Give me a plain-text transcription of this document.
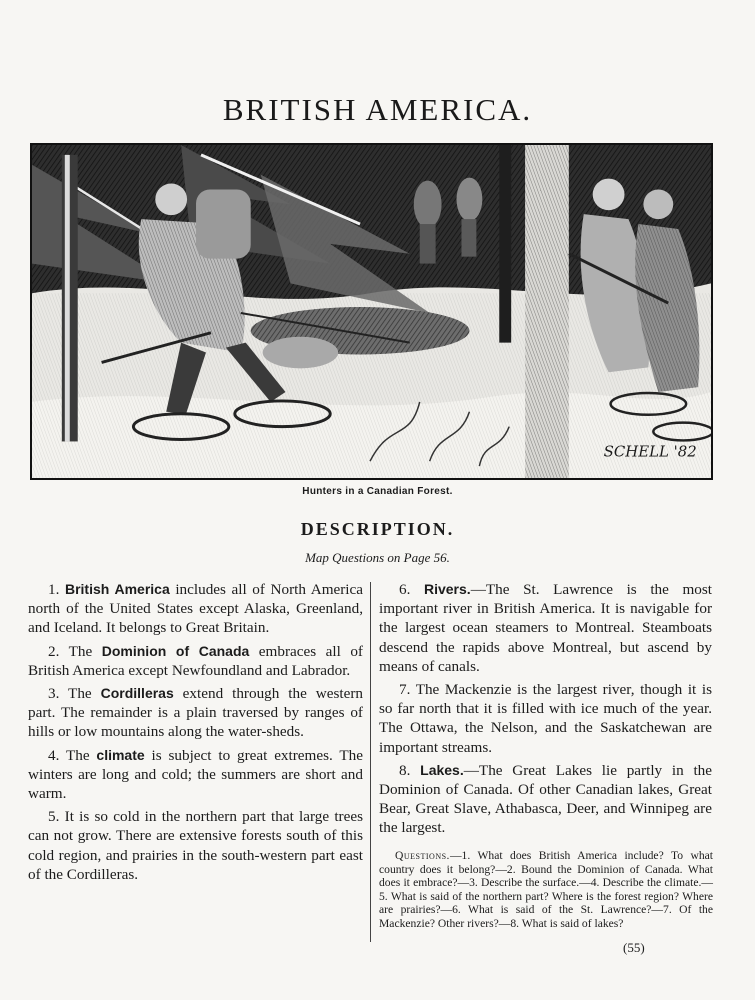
BRITISH AMERICA.
SCHELL '82
Hunters in a Canadian Forest.
DESCRIPTION.
Map Questions on Page 56.

1. British America includes all of North America north of the United States except Alaska, Greenland, and Iceland. It belongs to Great Britain.

2. The Dominion of Canada embraces all of British America except Newfoundland and Labrador.

3. The Cordilleras extend through the western part. The remainder is a plain traversed by ranges of hills or low mountains along the water-sheds.

4. The climate is subject to great extremes. The winters are long and cold; the summers are short and warm.

5. It is so cold in the northern part that large trees can not grow. There are extensive forests south of this cold region, and prairies in the south-western part east of the Cordilleras.

6. Rivers.—The St. Lawrence is the most important river in British America. It is navigable for the largest ocean steamers to Montreal. Steamboats descend the rapids above Montreal, but ascend by means of canals.

7. The Mackenzie is the largest river, though it is so far north that it is filled with ice much of the year. The Ottawa, the Nelson, and the Saskatchewan are important streams.

8. Lakes.—The Great Lakes lie partly in the Dominion of Canada. Of other Canadian lakes, Great Bear, Great Slave, Athabasca, Deer, and Winnipeg are the largest.

Questions.—1. What does British America include? To what country does it belong?—2. Bound the Dominion of Canada. What does it embrace?—3. Describe the surface.—4. Describe the climate.—5. What is said of the northern part? Where is the forest region? Where are prairies?—6. What is said of the St. Lawrence?—7. Of the Mackenzie? Other rivers?—8. What is said of lakes?

(55)
